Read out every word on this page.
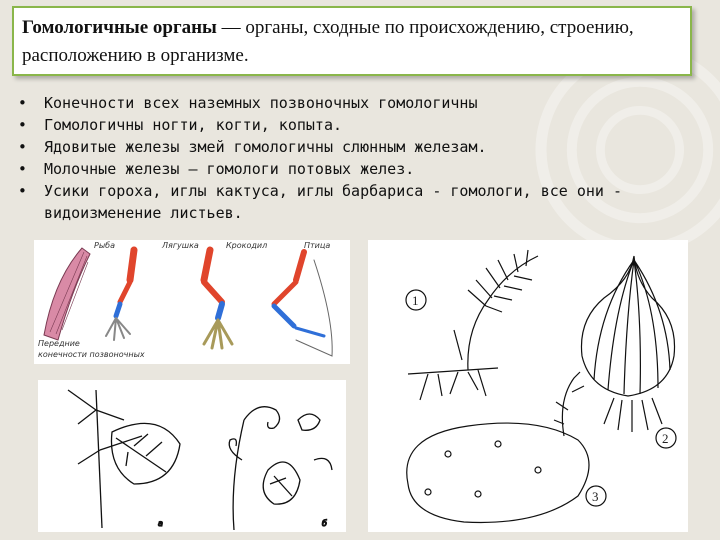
Гомологичные органы — органы, сходные по происхождению, строению, расположению в организме.
• Конечности всех наземных позвоночных гомологичны
• Гомологичны ногти, когти, копыта.
• Ядовитые железы змей гомологичны слюнным железам.
• Молочные железы — гомологи потовых желез.
• Усики гороха, иглы кактуса, иглы барбариса - гомологи, все они - видоизменение листьев.
Рыба	Лягушка	Крокодил	Птица
Передние
конечности позвоночных
а	б
1
2
3
